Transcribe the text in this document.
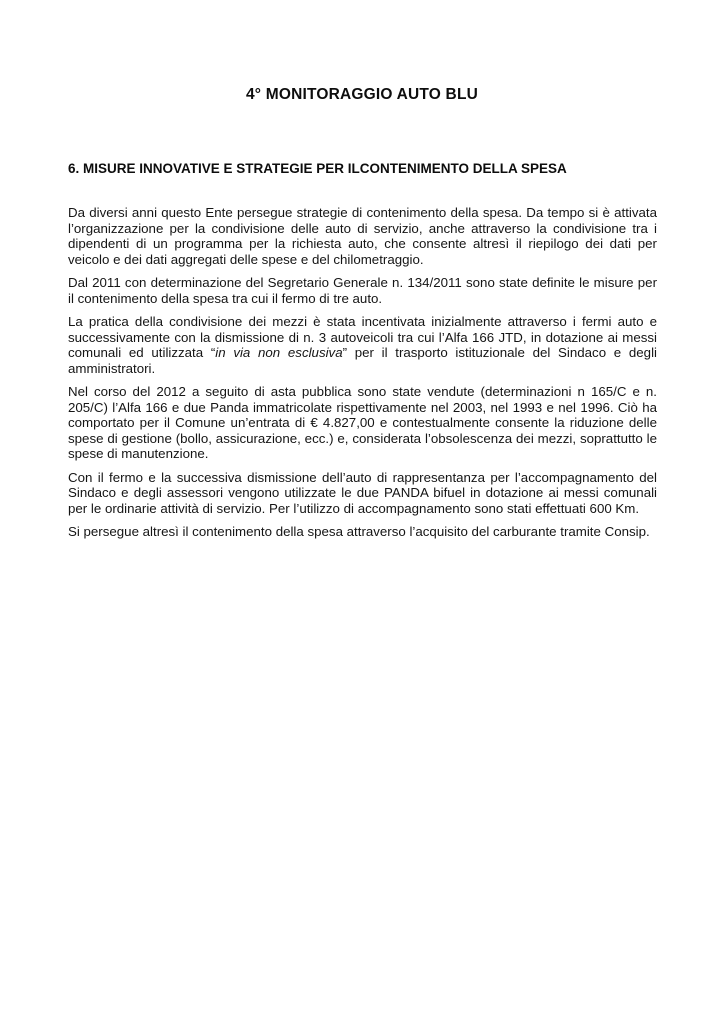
4° MONITORAGGIO AUTO BLU
6. MISURE INNOVATIVE E STRATEGIE PER ILCONTENIMENTO DELLA SPESA

Da diversi anni questo Ente persegue strategie di contenimento della spesa. Da tempo si è attivata l’organizzazione per la condivisione delle auto di servizio, anche attraverso la condivisione tra i dipendenti di un programma per la richiesta auto, che consente altresì il riepilogo dei dati per veicolo e dei dati aggregati delle spese e del chilometraggio.

Dal 2011 con determinazione del Segretario Generale n. 134/2011 sono state definite le misure per il contenimento della spesa tra cui il fermo di tre auto.

La pratica della condivisione dei mezzi è stata incentivata inizialmente attraverso i fermi auto e successivamente con la dismissione di n. 3 autoveicoli tra cui l’Alfa 166 JTD, in dotazione ai messi comunali ed utilizzata “in via non esclusiva” per il trasporto istituzionale del Sindaco e degli amministratori.

Nel corso del 2012 a seguito di asta pubblica sono state vendute (determinazioni n 165/C e n. 205/C) l’Alfa 166 e due Panda immatricolate rispettivamente nel 2003, nel 1993 e nel 1996. Ciò ha comportato per il Comune un’entrata di € 4.827,00 e contestualmente consente la riduzione delle spese di gestione (bollo, assicurazione, ecc.) e, considerata l’obsolescenza dei mezzi, soprattutto le spese di manutenzione.

Con il fermo e la successiva dismissione dell’auto di rappresentanza per l’accompagnamento del Sindaco e degli assessori vengono utilizzate le due PANDA bifuel in dotazione ai messi comunali per le ordinarie attività di servizio. Per l’utilizzo di accompagnamento sono stati effettuati 600 Km.

Si persegue altresì il contenimento della spesa attraverso l’acquisito del carburante tramite Consip.
